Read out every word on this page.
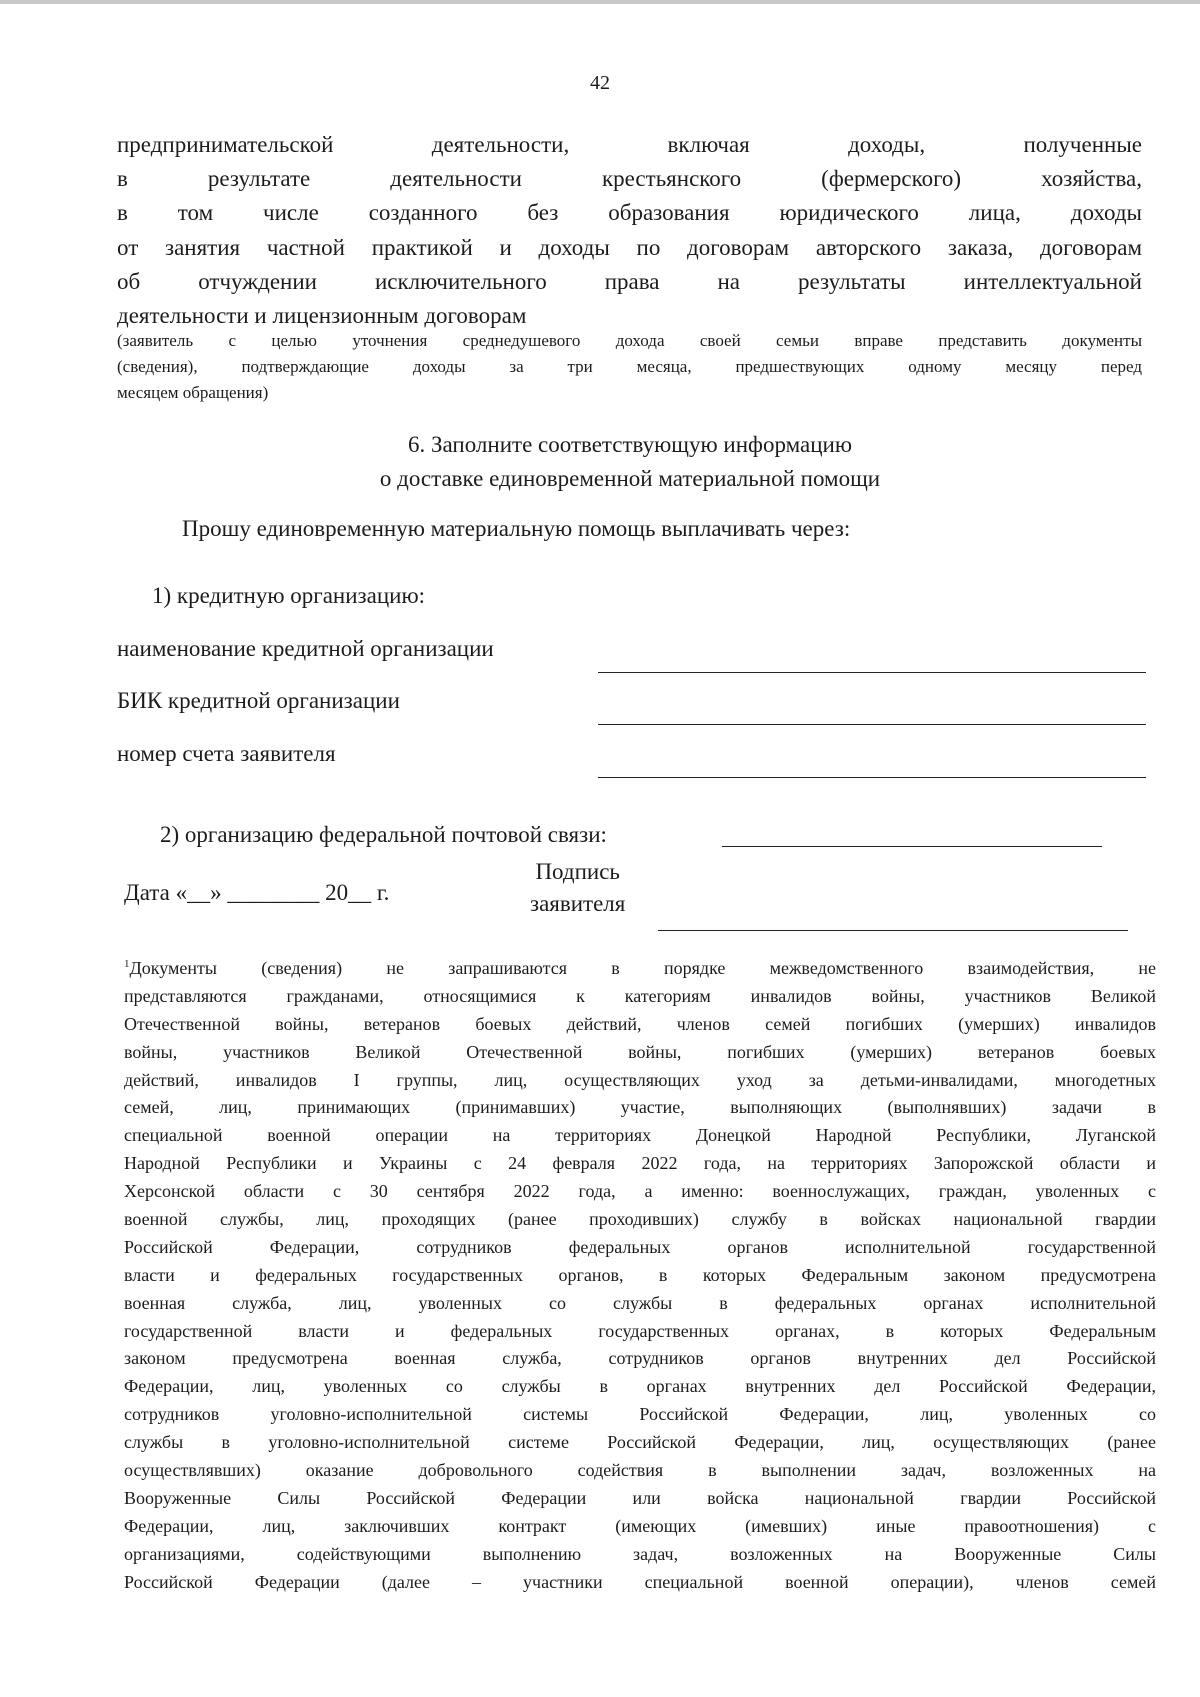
42
предпринимательской деятельности, включая доходы, полученные
в результате деятельности крестьянского (фермерского) хозяйства,
в том числе созданного без образования юридического лица, доходы
от занятия частной практикой и доходы по договорам авторского заказа, договорам
об отчуждении исключительного права на результаты интеллектуальной
деятельности и лицензионным договорам
(заявитель с целью уточнения среднедушевого дохода своей семьи вправе представить документы
(сведения), подтверждающие доходы за три месяца, предшествующих одному месяцу перед
месяцем обращения)
6. Заполните соответствующую информацию
о доставке единовременной материальной помощи
Прошу единовременную материальную помощь выплачивать через:
1) кредитную организацию:
наименование кредитной организации
БИК кредитной организации
номер счета заявителя
2) организацию федеральной почтовой связи:
Дата «__» ________ 20__ г.
Подпись
заявителя
$^1$Документы (сведения) не запрашиваются в порядке межведомственного взаимодействия, не
представляются гражданами, относящимися к категориям инвалидов войны, участников Великой
Отечественной войны, ветеранов боевых действий, членов семей погибших (умерших) инвалидов
войны, участников Великой Отечественной войны, погибших (умерших) ветеранов боевых
действий, инвалидов I группы, лиц, осуществляющих уход за детьми-инвалидами, многодетных
семей, лиц, принимающих (принимавших) участие, выполняющих (выполнявших) задачи в
специальной военной операции на территориях Донецкой Народной Республики, Луганской
Народной Республики и Украины с 24 февраля 2022 года, на территориях Запорожской области и
Херсонской области с 30 сентября 2022 года, а именно: военнослужащих, граждан, уволенных с
военной службы, лиц, проходящих (ранее проходивших) службу в войсках национальной гвардии
Российской Федерации, сотрудников федеральных органов исполнительной государственной
власти и федеральных государственных органов, в которых Федеральным законом предусмотрена
военная служба, лиц, уволенных со службы в федеральных органах исполнительной
государственной власти и федеральных государственных органах, в которых Федеральным
законом предусмотрена военная служба, сотрудников органов внутренних дел Российской
Федерации, лиц, уволенных со службы в органах внутренних дел Российской Федерации,
сотрудников уголовно-исполнительной системы Российской Федерации, лиц, уволенных со
службы в уголовно-исполнительной системе Российской Федерации, лиц, осуществляющих (ранее
осуществлявших) оказание добровольного содействия в выполнении задач, возложенных на
Вооруженные Силы Российской Федерации или войска национальной гвардии Российской
Федерации, лиц, заключивших контракт (имеющих (имевших) иные правоотношения) с
организациями, содействующими выполнению задач, возложенных на Вооруженные Силы
Российской Федерации (далее – участники специальной военной операции), членов семей
